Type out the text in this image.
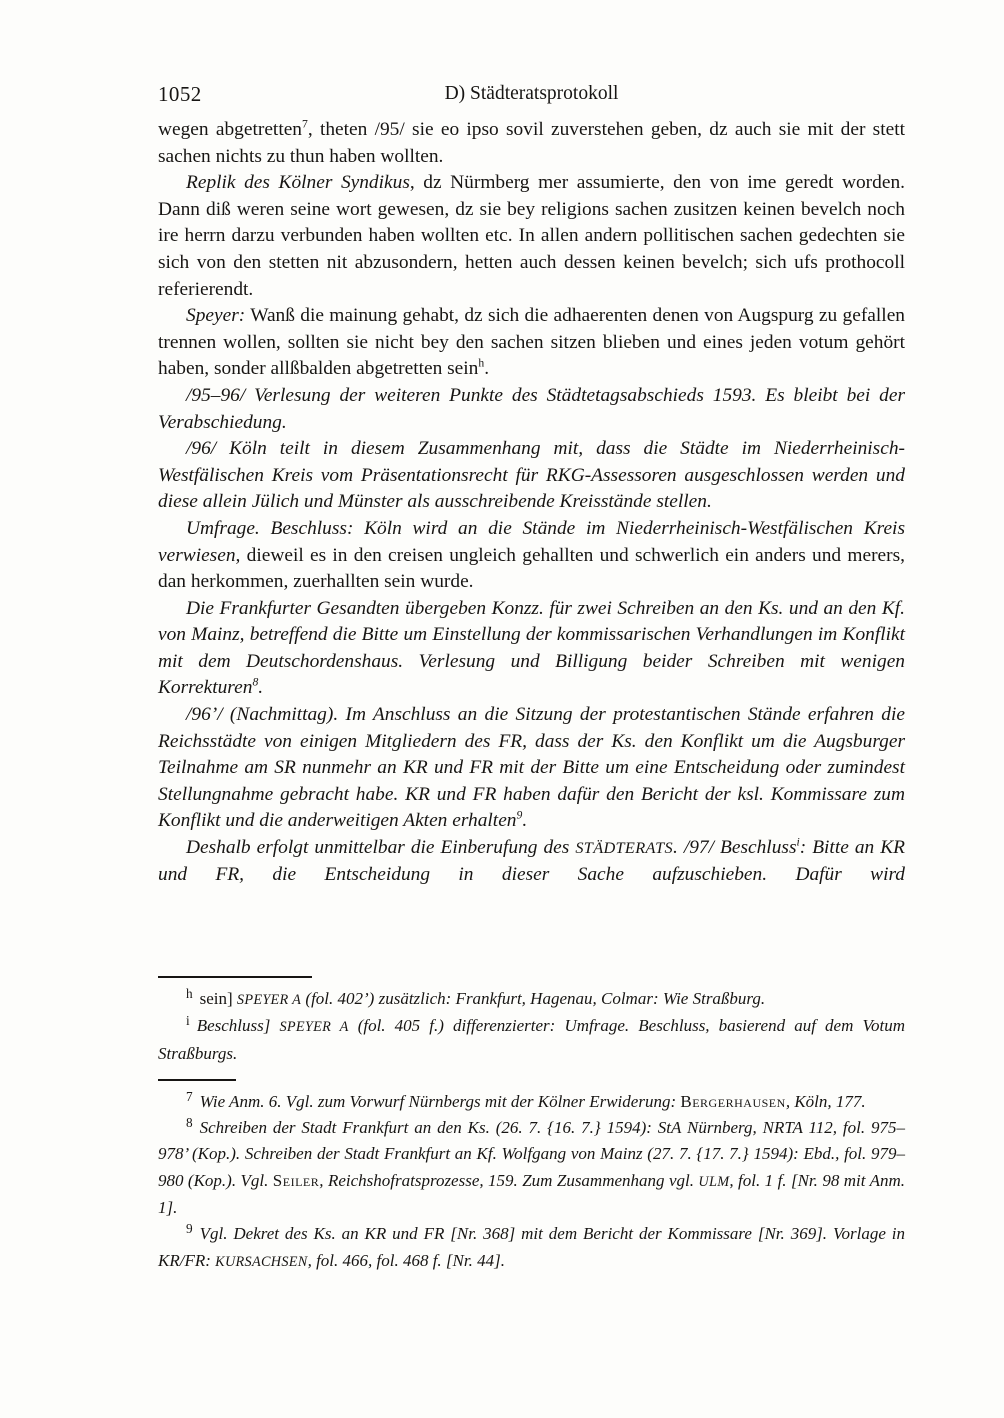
1052	D) Städteratsprotokoll

wegen abgetretten$^7$, theten /95/ sie eo ipso sovil zuverstehen geben, dz auch sie mit der stett sachen nichts zu thun haben wollten.

Replik des Kölner Syndikus, dz Nürmberg mer assumierte, den von ime geredt worden. Dann diß weren seine wort gewesen, dz sie bey religions sachen zusitzen keinen bevelch noch ire herrn darzu verbunden haben wollten etc. In allen andern pollitischen sachen gedechten sie sich von den stetten nit abzusondern, hetten auch dessen keinen bevelch; sich ufs prothocoll referierendt.

Speyer: Wanß die mainung gehabt, dz sich die adhaerenten denen von Augspurg zu gefallen trennen wollen, sollten sie nicht bey den sachen sitzen blieben und eines jeden votum gehört haben, sonder allßbalden abgetretten sein$^h$.

/95–96/ Verlesung der weiteren Punkte des Städtetagsabschieds 1593. Es bleibt bei der Verabschiedung.

/96/ Köln teilt in diesem Zusammenhang mit, dass die Städte im Niederrheinisch-Westfälischen Kreis vom Präsentationsrecht für RKG-Assessoren ausgeschlossen werden und diese allein Jülich und Münster als ausschreibende Kreisstände stellen.

Umfrage. Beschluss: Köln wird an die Stände im Niederrheinisch-Westfälischen Kreis verwiesen, dieweil es in den creisen ungleich gehallten und schwerlich ein anders und merers, dan herkommen, zuerhallten sein wurde.

Die Frankfurter Gesandten übergeben Konzz. für zwei Schreiben an den Ks. und an den Kf. von Mainz, betreffend die Bitte um Einstellung der kommissarischen Verhandlungen im Konflikt mit dem Deutschordenshaus. Verlesung und Billigung beider Schreiben mit wenigen Korrekturen$^8$.

/96’/ (Nachmittag). Im Anschluss an die Sitzung der protestantischen Stände erfahren die Reichsstädte von einigen Mitgliedern des FR, dass der Ks. den Konflikt um die Augsburger Teilnahme am SR nunmehr an KR und FR mit der Bitte um eine Entscheidung oder zumindest Stellungnahme gebracht habe. KR und FR haben dafür den Bericht der ksl. Kommissare zum Konflikt und die anderweitigen Akten erhalten$^9$.

Deshalb erfolgt unmittelbar die Einberufung des STÄDTERATS. /97/ Beschluss$^i$: Bitte an KR und FR, die Entscheidung in dieser Sache aufzuschieben. Dafür wird

h sein] SPEYER A (fol. 402’) zusätzlich: Frankfurt, Hagenau, Colmar: Wie Straßburg.

i Beschluss] SPEYER A (fol. 405 f.) differenzierter: Umfrage. Beschluss, basierend auf dem Votum Straßburgs.

7 Wie Anm. 6. Vgl. zum Vorwurf Nürnbergs mit der Kölner Erwiderung: Bergerhausen, Köln, 177.

8 Schreiben der Stadt Frankfurt an den Ks. (26. 7. {16. 7.} 1594): StA Nürnberg, NRTA 112, fol. 975–978’ (Kop.). Schreiben der Stadt Frankfurt an Kf. Wolfgang von Mainz (27. 7. {17. 7.} 1594): Ebd., fol. 979–980 (Kop.). Vgl. Seiler, Reichshofratsprozesse, 159. Zum Zusammenhang vgl. ULM, fol. 1 f. [Nr. 98 mit Anm. 1].

9 Vgl. Dekret des Ks. an KR und FR [Nr. 368] mit dem Bericht der Kommissare [Nr. 369]. Vorlage in KR/FR: KURSACHSEN, fol. 466, fol. 468 f. [Nr. 44].
